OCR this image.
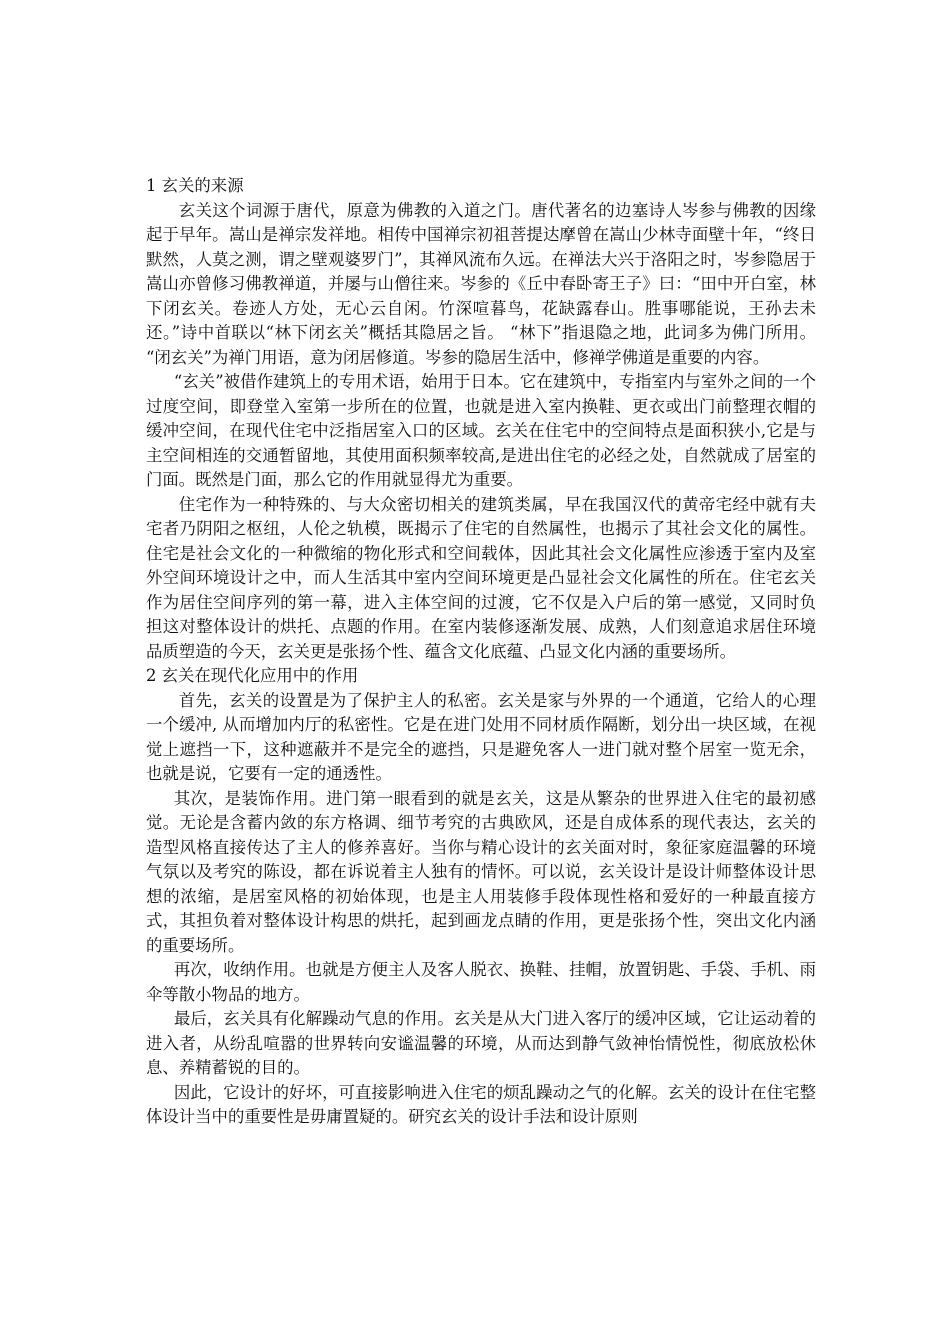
1 玄关的来源

玄关这个词源于唐代，原意为佛教的入道之门。唐代著名的边塞诗人岑参与佛教的因缘起于早年。嵩山是禅宗发祥地。相传中国禅宗初祖菩提达摩曾在嵩山少林寺面壁十年，“终日默然，人莫之测，谓之壁观婆罗门”，其禅风流布久远。在禅法大兴于洛阳之时，岑参隐居于嵩山亦曾修习佛教禅道，并屡与山僧往来。岑参的《丘中春卧寄王子》曰：“田中开白室，林下闭玄关。卷迹人方处，无心云自闲。竹深喧暮鸟，花缺露春山。胜事哪能说，王孙去未还。”诗中首联以“林下闭玄关”概括其隐居之旨。 “林下”指退隐之地，此词多为佛门所用。 “闭玄关”为禅门用语，意为闭居修道。岑参的隐居生活中，修禅学佛道是重要的内容。

“玄关”被借作建筑上的专用术语，始用于日本。它在建筑中，专指室内与室外之间的一个过度空间，即登堂入室第一步所在的位置，也就是进入室内换鞋、更衣或出门前整理衣帽的缓冲空间，在现代住宅中泛指居室入口的区域。玄关在住宅中的空间特点是面积狭小,它是与主空间相连的交通暂留地，其使用面积频率较高,是进出住宅的必经之处，自然就成了居室的门面。既然是门面，那么它的作用就显得尤为重要。

住宅作为一种特殊的、与大众密切相关的建筑类属，早在我国汉代的黄帝宅经中就有夫宅者乃阴阳之枢纽，人伦之轨模，既揭示了住宅的自然属性，也揭示了其社会文化的属性。住宅是社会文化的一种微缩的物化形式和空间载体，因此其社会文化属性应渗透于室内及室外空间环境设计之中，而人生活其中室内空间环境更是凸显社会文化属性的所在。住宅玄关作为居住空间序列的第一幕，进入主体空间的过渡，它不仅是入户后的第一感觉，又同时负担这对整体设计的烘托、点题的作用。在室内装修逐渐发展、成熟，人们刻意追求居住环境品质塑造的今天，玄关更是张扬个性、蕴含文化底蕴、凸显文化内涵的重要场所。

2 玄关在现代化应用中的作用

首先，玄关的设置是为了保护主人的私密。玄关是家与外界的一个通道，它给人的心理一个缓冲, 从而增加内厅的私密性。它是在进门处用不同材质作隔断，划分出一块区域，在视觉上遮挡一下，这种遮蔽并不是完全的遮挡，只是避免客人一进门就对整个居室一览无余，也就是说，它要有一定的通透性。

其次，是装饰作用。进门第一眼看到的就是玄关，这是从繁杂的世界进入住宅的最初感觉。无论是含蓄内敛的东方格调、细节考究的古典欧风，还是自成体系的现代表达，玄关的造型风格直接传达了主人的修养喜好。当你与精心设计的玄关面对时，象征家庭温馨的环境气氛以及考究的陈设，都在诉说着主人独有的情怀。可以说，玄关设计是设计师整体设计思想的浓缩，是居室风格的初始体现，也是主人用装修手段体现性格和爱好的一种最直接方式，其担负着对整体设计构思的烘托，起到画龙点睛的作用，更是张扬个性，突出文化内涵的重要场所。

再次，收纳作用。也就是方便主人及客人脱衣、换鞋、挂帽，放置钥匙、手袋、手机、雨伞等散小物品的地方。

最后，玄关具有化解躁动气息的作用。玄关是从大门进入客厅的缓冲区域，它让运动着的进入者，从纷乱喧嚣的世界转向安谧温馨的环境，从而达到静气敛神怡情悦性，彻底放松休息、养精蓄锐的目的。

因此，它设计的好坏，可直接影响进入住宅的烦乱躁动之气的化解。玄关的设计在住宅整体设计当中的重要性是毋庸置疑的。研究玄关的设计手法和设计原则
